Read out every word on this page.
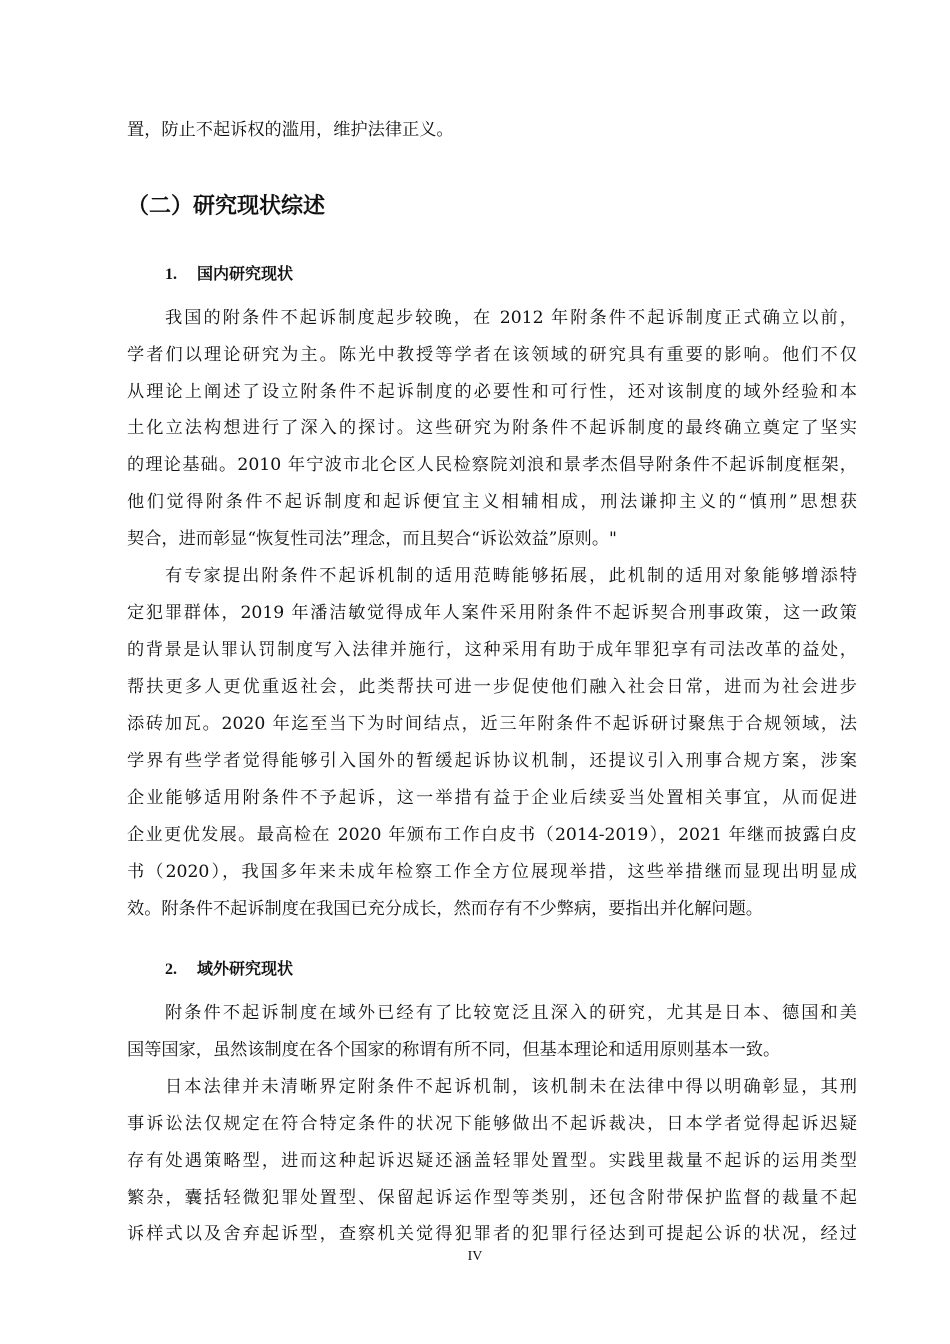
置，防止不起诉权的滥用，维护法律正义。
（二）研究现状综述
1. 国内研究现状
我国的附条件不起诉制度起步较晚，在 2012 年附条件不起诉制度正式确立以前，
学者们以理论研究为主。陈光中教授等学者在该领域的研究具有重要的影响。他们不仅
从理论上阐述了设立附条件不起诉制度的必要性和可行性，还对该制度的域外经验和本
土化立法构想进行了深入的探讨。这些研究为附条件不起诉制度的最终确立奠定了坚实
的理论基础。2010 年宁波市北仑区人民检察院刘浪和景孝杰倡导附条件不起诉制度框架，
他们觉得附条件不起诉制度和起诉便宜主义相辅相成，刑法谦抑主义的“慎刑”思想获
契合，进而彰显“恢复性司法”理念，而且契合“诉讼效益”原则。"
有专家提出附条件不起诉机制的适用范畴能够拓展，此机制的适用对象能够增添特
定犯罪群体，2019 年潘洁敏觉得成年人案件采用附条件不起诉契合刑事政策，这一政策
的背景是认罪认罚制度写入法律并施行，这种采用有助于成年罪犯享有司法改革的益处，
帮扶更多人更优重返社会，此类帮扶可进一步促使他们融入社会日常，进而为社会进步
添砖加瓦。2020 年迄至当下为时间结点，近三年附条件不起诉研讨聚焦于合规领域，法
学界有些学者觉得能够引入国外的暂缓起诉协议机制，还提议引入刑事合规方案，涉案
企业能够适用附条件不予起诉，这一举措有益于企业后续妥当处置相关事宜，从而促进
企业更优发展。最高检在 2020 年颁布工作白皮书（2014-2019），2021 年继而披露白皮
书（2020），我国多年来未成年检察工作全方位展现举措，这些举措继而显现出明显成
效。附条件不起诉制度在我国已充分成长，然而存有不少弊病，要指出并化解问题。
2. 域外研究现状
附条件不起诉制度在域外已经有了比较宽泛且深入的研究，尤其是日本、德国和美
国等国家，虽然该制度在各个国家的称谓有所不同，但基本理论和适用原则基本一致。
日本法律并未清晰界定附条件不起诉机制，该机制未在法律中得以明确彰显，其刑
事诉讼法仅规定在符合特定条件的状况下能够做出不起诉裁决，日本学者觉得起诉迟疑
存有处遇策略型，进而这种起诉迟疑还涵盖轻罪处置型。实践里裁量不起诉的运用类型
繁杂，囊括轻微犯罪处置型、保留起诉运作型等类别，还包含附带保护监督的裁量不起
诉样式以及舍弃起诉型，查察机关觉得犯罪者的犯罪行径达到可提起公诉的状况，经过
IV
